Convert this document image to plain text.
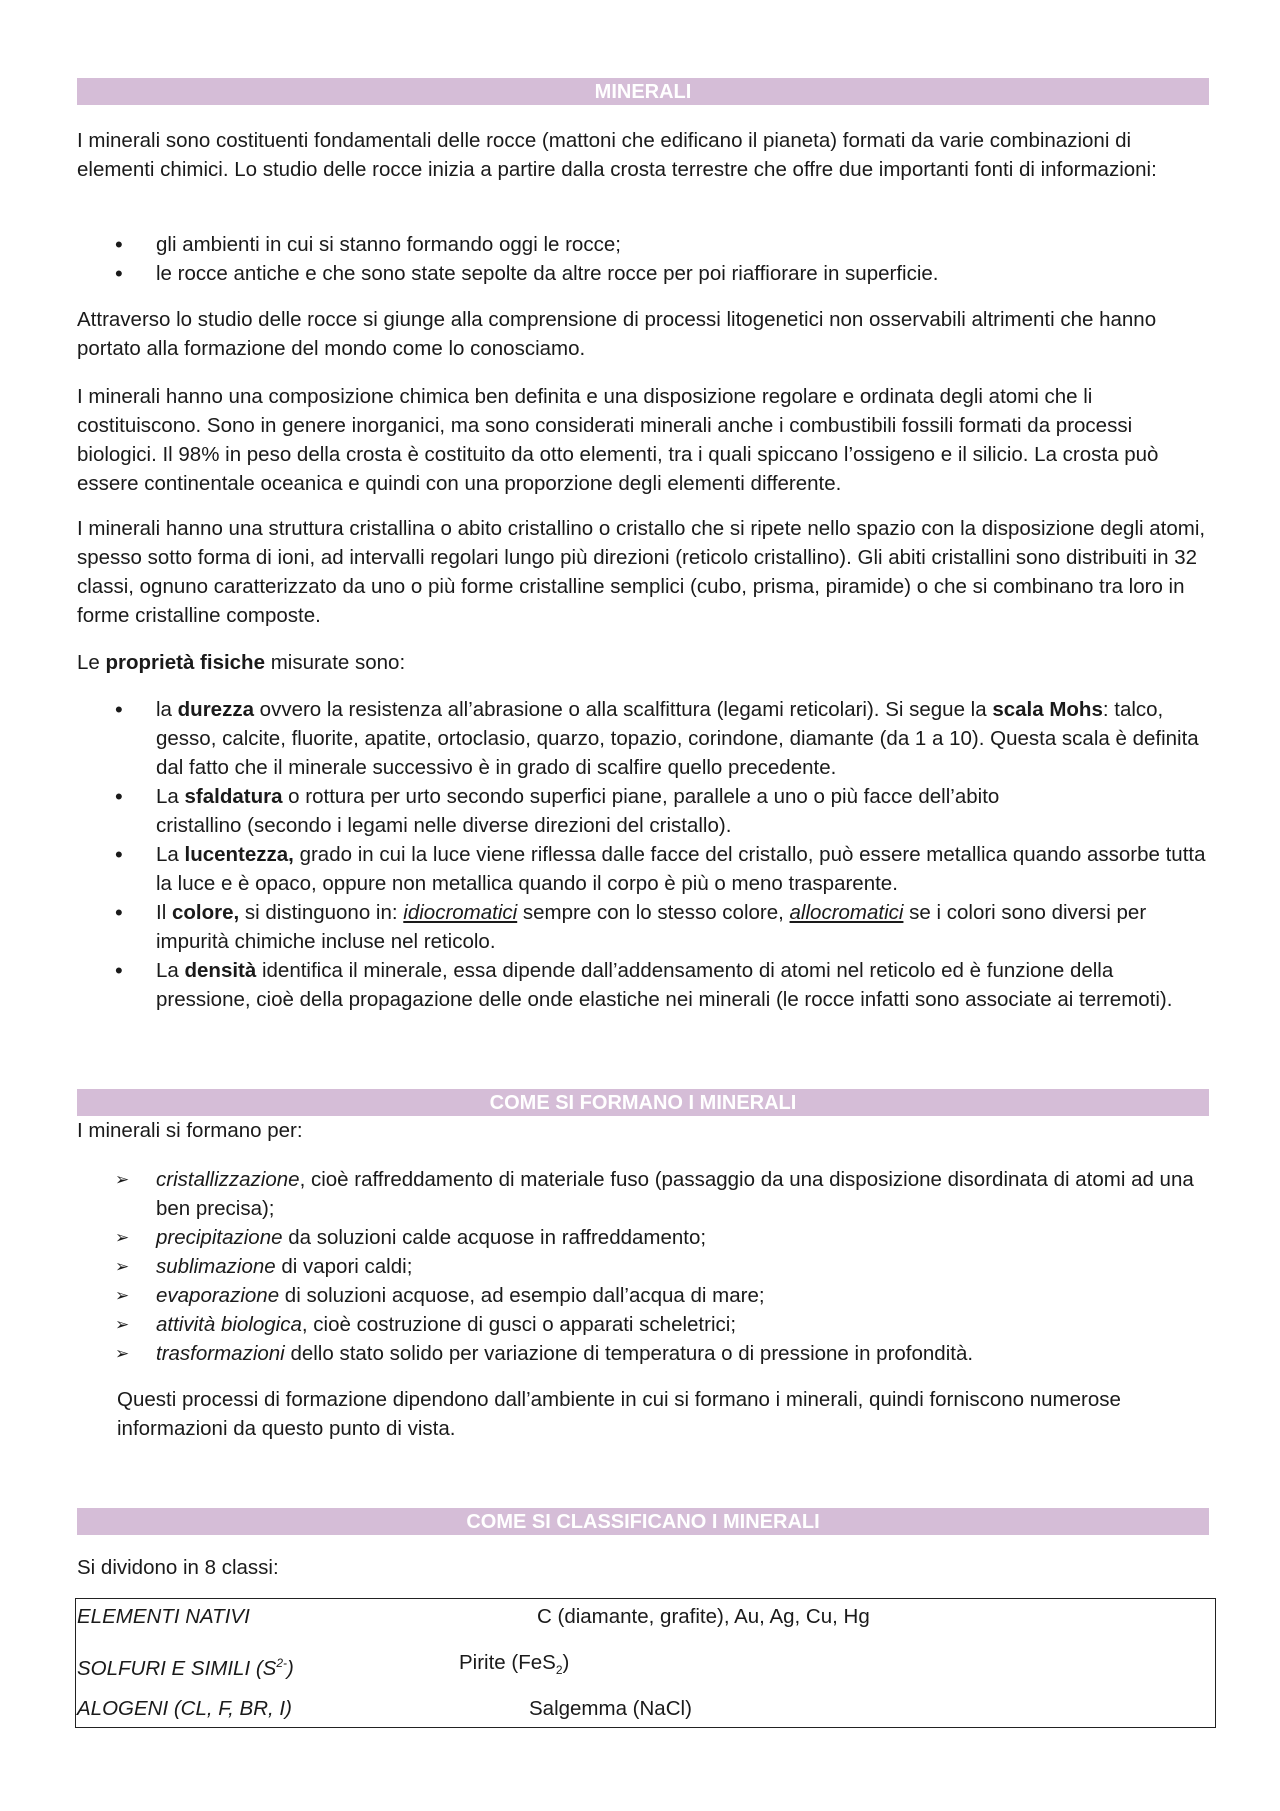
MINERALI

I minerali sono costituenti fondamentali delle rocce (mattoni che edificano il pianeta) formati da varie combinazioni di elementi chimici. Lo studio delle rocce inizia a partire dalla crosta terrestre che offre due importanti fonti di informazioni:

• gli ambienti in cui si stanno formando oggi le rocce;
• le rocce antiche e che sono state sepolte da altre rocce per poi riaffiorare in superficie.

Attraverso lo studio delle rocce si giunge alla comprensione di processi litogenetici non osservabili altrimenti che hanno portato alla formazione del mondo come lo conosciamo.

I minerali hanno una composizione chimica ben definita e una disposizione regolare e ordinata degli atomi che li costituiscono. Sono in genere inorganici, ma sono considerati minerali anche i combustibili fossili formati da processi biologici. Il 98% in peso della crosta è costituito da otto elementi, tra i quali spiccano l’ossigeno e il silicio. La crosta può essere continentale oceanica e quindi con una proporzione degli elementi differente.

I minerali hanno una struttura cristallina o abito cristallino o cristallo che si ripete nello spazio con la disposizione degli atomi, spesso sotto forma di ioni, ad intervalli regolari lungo più direzioni (reticolo cristallino). Gli abiti cristallini sono distribuiti in 32 classi, ognuno caratterizzato da uno o più forme cristalline semplici (cubo, prisma, piramide) o che si combinano tra loro in forme cristalline composte.

Le proprietà fisiche misurate sono:

• la durezza ovvero la resistenza all’abrasione o alla scalfittura (legami reticolari). Si segue la scala Mohs: talco, gesso, calcite, fluorite, apatite, ortoclasio, quarzo, topazio, corindone, diamante (da 1 a 10). Questa scala è definita dal fatto che il minerale successivo è in grado di scalfire quello precedente.
• La sfaldatura o rottura per urto secondo superfici piane, parallele a uno o più facce dell’abito
cristallino (secondo i legami nelle diverse direzioni del cristallo).
• La lucentezza, grado in cui la luce viene riflessa dalle facce del cristallo, può essere metallica quando assorbe tutta la luce e è opaco, oppure non metallica quando il corpo è più o meno trasparente.
• Il colore, si distinguono in: idiocromatici sempre con lo stesso colore, allocromatici se i colori sono diversi per impurità chimiche incluse nel reticolo.
• La densità identifica il minerale, essa dipende dall’addensamento di atomi nel reticolo ed è funzione della pressione, cioè della propagazione delle onde elastiche nei minerali (le rocce infatti sono associate ai terremoti).
COME SI FORMANO I MINERALI

I minerali si formano per:

➢ cristallizzazione, cioè raffreddamento di materiale fuso (passaggio da una disposizione disordinata di atomi ad una ben precisa);
➢ precipitazione da soluzioni calde acquose in raffreddamento;
➢ sublimazione di vapori caldi;
➢ evaporazione di soluzioni acquose, ad esempio dall’acqua di mare;
➢ attività biologica, cioè costruzione di gusci o apparati scheletrici;
➢ trasformazioni dello stato solido per variazione di temperatura o di pressione in profondità.

Questi processi di formazione dipendono dall’ambiente in cui si formano i minerali, quindi forniscono numerose informazioni da questo punto di vista.

COME SI CLASSIFICANO I MINERALI

Si dividono in 8 classi:

ELEMENTI NATIVI	C (diamante, grafite), Au, Ag, Cu, Hg
SOLFURI E SIMILI $(S^{2-})$	Pirite (FeS$_2$)
ALOGENI (CL, F, BR, I)	Salgemma (NaCl)
